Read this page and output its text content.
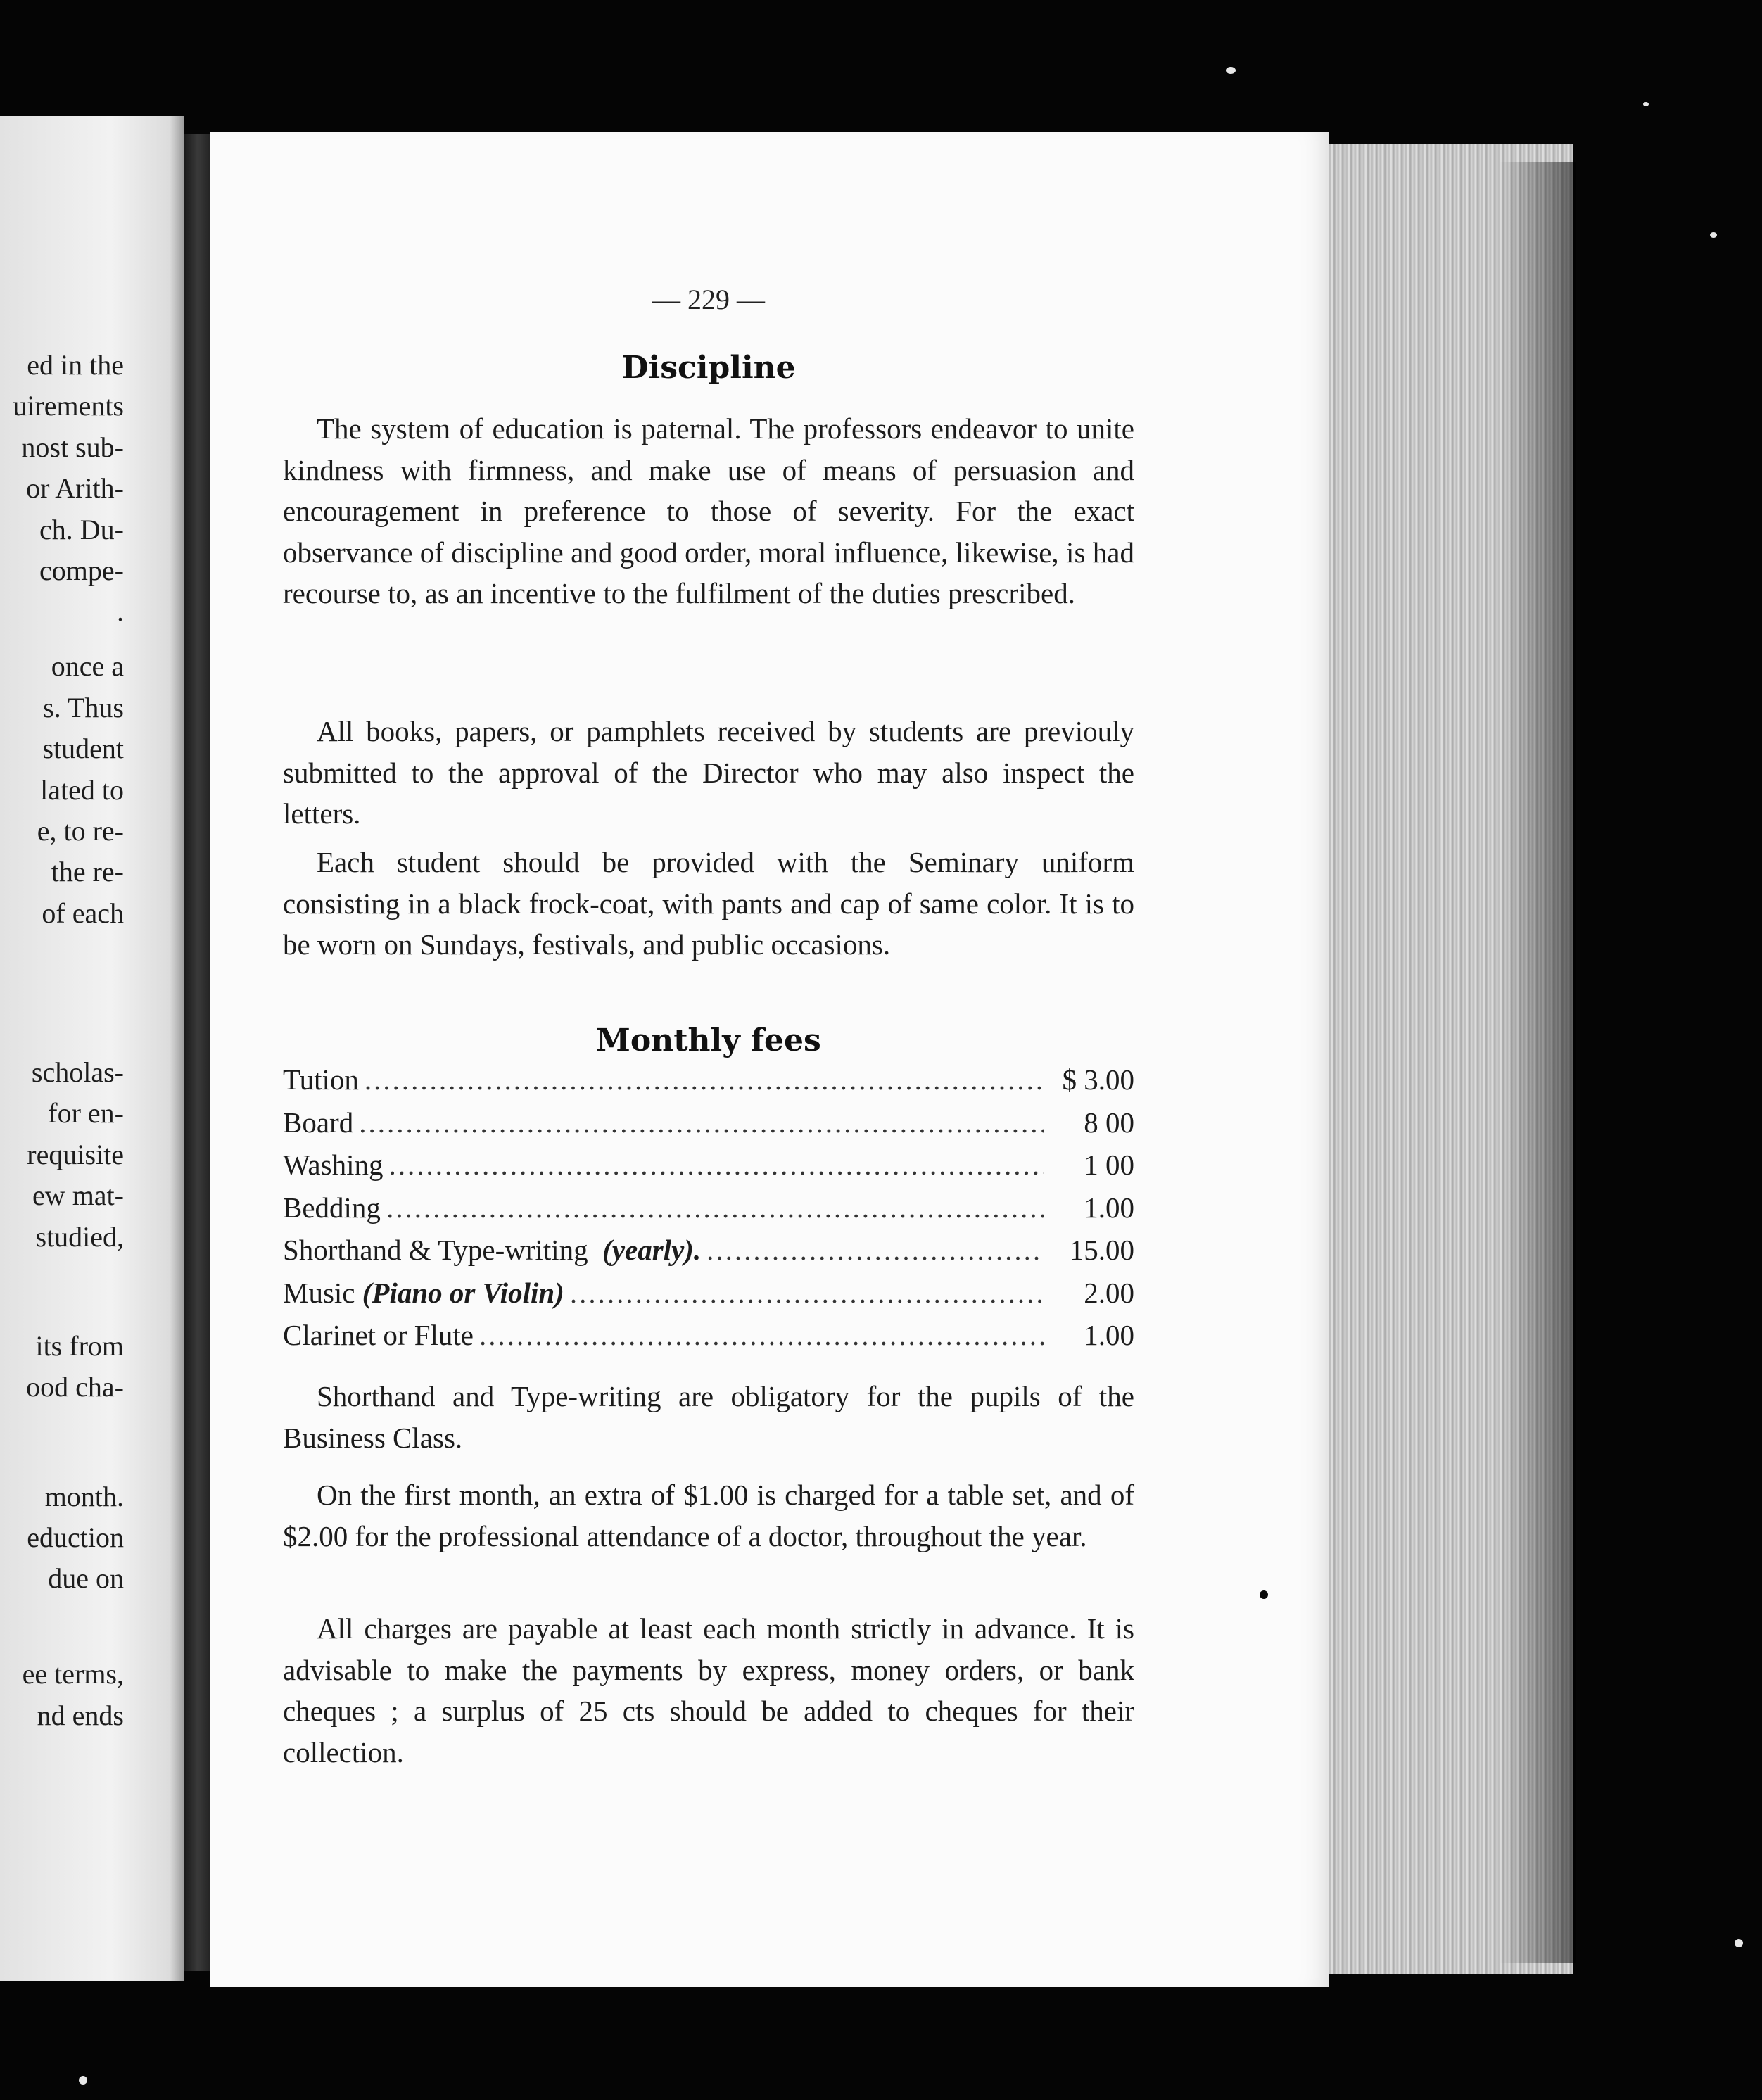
ed in the
uirements
nost sub-
or Arith-
ch. Du-
compe-
.
once a
s. Thus
student
lated to
e, to re-
the re-
of each
scholas-
for en-
requisite
ew mat-
studied,
its from
ood cha-
month.
eduction
due on
ee terms,
nd ends
— 229 —
Discipline

The system of education is paternal. The professors endeavor to unite kindness with firmness, and make use of means of persuasion and encouragement in preference to those of severity. For the exact observance of discipline and good order, moral influence, likewise, is had recourse to, as an incentive to the fulfilment of the duties prescribed.

All books, papers, or pamphlets received by students are previouly submitted to the approval of the Director who may also inspect the letters.

Each student should be provided with the Seminary uniform consisting in a black frock-coat, with pants and cap of same color. It is to be worn on Sundays, festivals, and public occasions.

Monthly fees
Tution .....	$ 3.00
Board .....	8 00
Washing .....	1 00
Bedding .....	1.00
Shorthand & Type-writing (yearly). .....	15.00
Music (Piano or Violin) .....	2.00
Clarinet or Flute .....	1.00

Shorthand and Type-writing are obligatory for the pupils of the Business Class.

On the first month, an extra of $1.00 is charged for a table set, and of $2.00 for the professional attendance of a doctor, throughout the year.

All charges are payable at least each month strictly in advance. It is advisable to make the payments by express, money orders, or bank cheques ; a surplus of 25 cts should be added to cheques for their collection.
